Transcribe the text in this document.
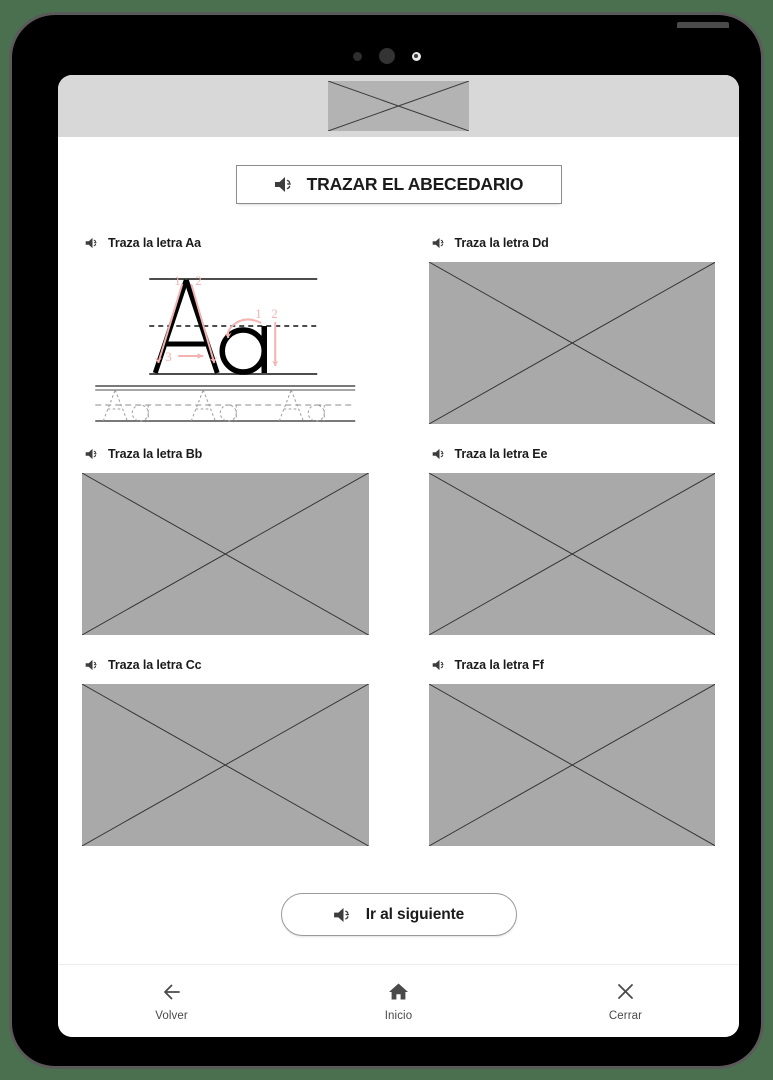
TRAZAR EL ABECEDARIO
Traza la letra Aa
1 2
3
1 2
Traza la letra Dd
Traza la letra Bb	Traza la letra Ee
Traza la letra Cc	Traza la letra Ff
Ir al siguiente
Volver	Inicio	Cerrar
